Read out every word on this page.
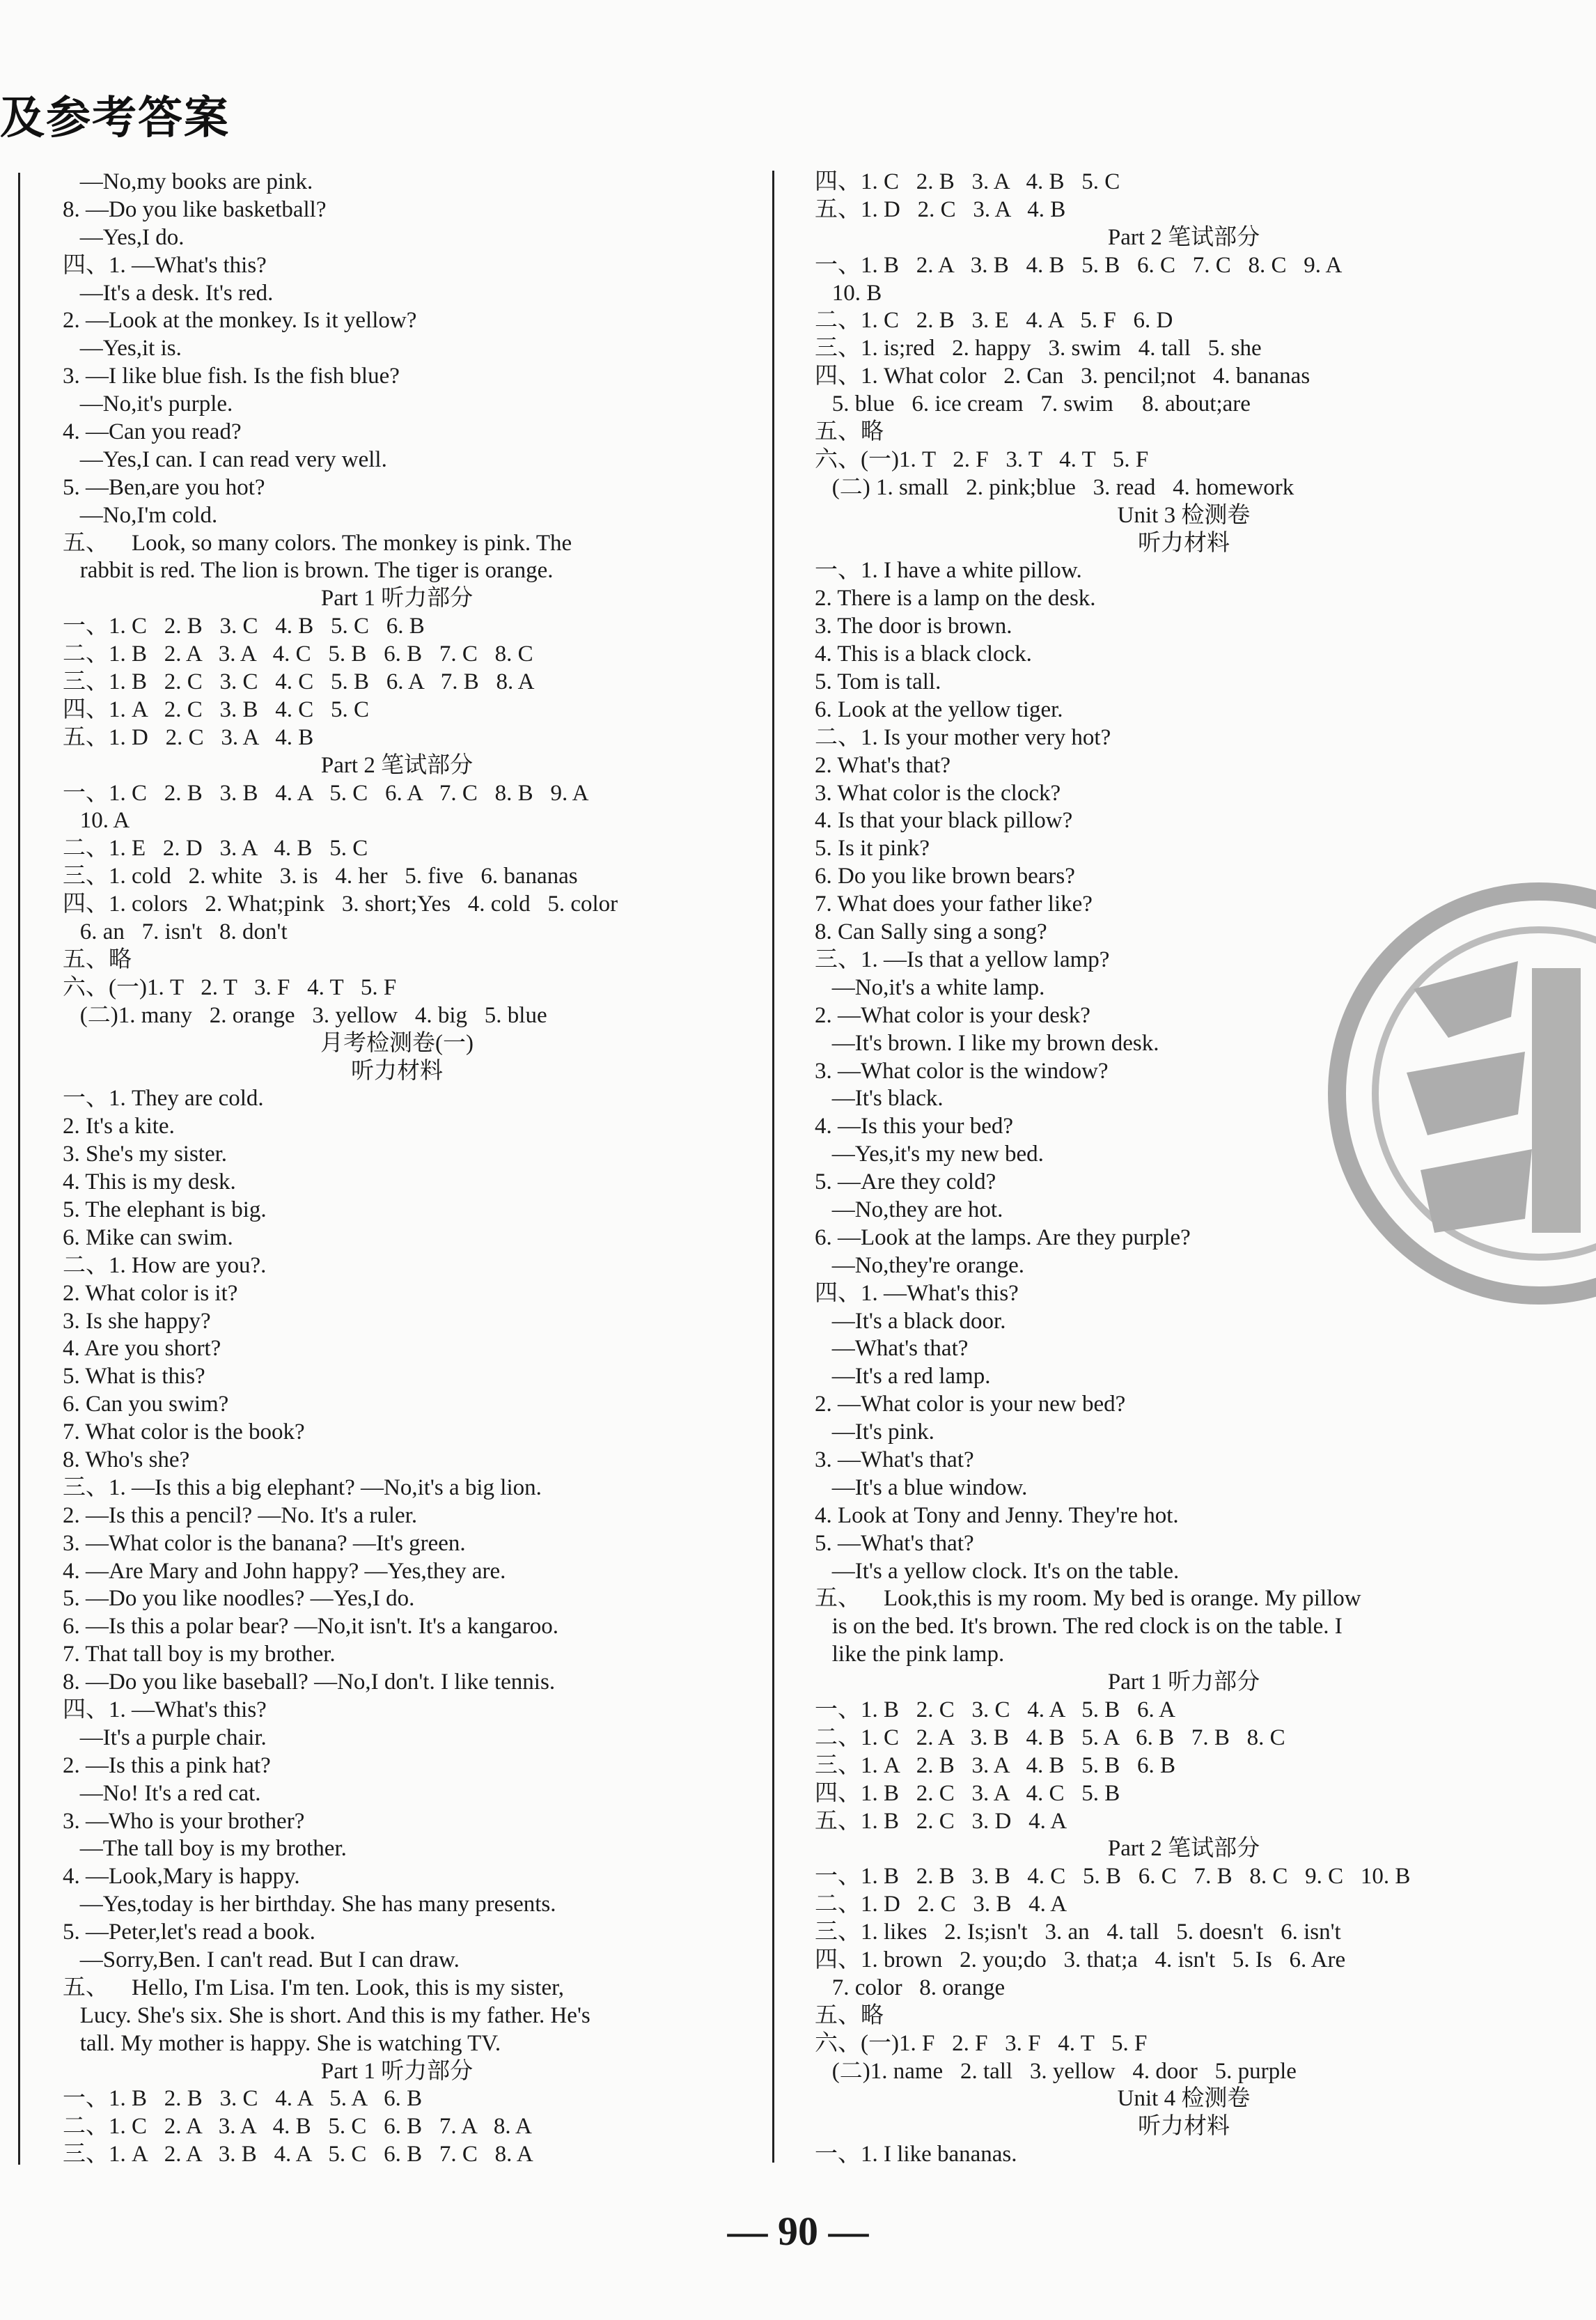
及参考答案
—No,my books are pink.
8. —Do you like basketball?
—Yes,I do.
四、1. —What's this?
—It's a desk. It's red.
2. —Look at the monkey. Is it yellow?
—Yes,it is.
3. —I like blue fish. Is the fish blue?
—No,it's purple.
4. —Can you read?
—Yes,I can. I can read very well.
5. —Ben,are you hot?
—No,I'm cold.
五、    Look, so many colors. The monkey is pink. The
rabbit is red. The lion is brown. The tiger is orange.
Part 1 听力部分
一、1. C   2. B   3. C   4. B   5. C   6. B
二、1. B   2. A   3. A   4. C   5. B   6. B   7. C   8. C
三、1. B   2. C   3. C   4. C   5. B   6. A   7. B   8. A
四、1. A   2. C   3. B   4. C   5. C
五、1. D   2. C   3. A   4. B
Part 2 笔试部分
一、1. C   2. B   3. B   4. A   5. C   6. A   7. C   8. B   9. A
10. A
二、1. E   2. D   3. A   4. B   5. C
三、1. cold   2. white   3. is   4. her   5. five   6. bananas
四、1. colors   2. What;pink   3. short;Yes   4. cold   5. color
6. an   7. isn't   8. don't
五、略
六、(一)1. T   2. T   3. F   4. T   5. F
(二)1. many   2. orange   3. yellow   4. big   5. blue
月考检测卷(一)
听力材料
一、1. They are cold.
2. It's a kite.
3. She's my sister.
4. This is my desk.
5. The elephant is big.
6. Mike can swim.
二、1. How are you?.
2. What color is it?
3. Is she happy?
4. Are you short?
5. What is this?
6. Can you swim?
7. What color is the book?
8. Who's she?
三、1. —Is this a big elephant? —No,it's a big lion.
2. —Is this a pencil? —No. It's a ruler.
3. —What color is the banana? —It's green.
4. —Are Mary and John happy? —Yes,they are.
5. —Do you like noodles? —Yes,I do.
6. —Is this a polar bear? —No,it isn't. It's a kangaroo.
7. That tall boy is my brother.
8. —Do you like baseball? —No,I don't. I like tennis.
四、1. —What's this?
—It's a purple chair.
2. —Is this a pink hat?
—No! It's a red cat.
3. —Who is your brother?
—The tall boy is my brother.
4. —Look,Mary is happy.
—Yes,today is her birthday. She has many presents.
5. —Peter,let's read a book.
—Sorry,Ben. I can't read. But I can draw.
五、    Hello, I'm Lisa. I'm ten. Look, this is my sister,
Lucy. She's six. She is short. And this is my father. He's
tall. My mother is happy. She is watching TV.
Part 1 听力部分
一、1. B   2. B   3. C   4. A   5. A   6. B
二、1. C   2. A   3. A   4. B   5. C   6. B   7. A   8. A
三、1. A   2. A   3. B   4. A   5. C   6. B   7. C   8. A
四、1. C   2. B   3. A   4. B   5. C
五、1. D   2. C   3. A   4. B
Part 2 笔试部分
一、1. B   2. A   3. B   4. B   5. B   6. C   7. C   8. C   9. A
10. B
二、1. C   2. B   3. E   4. A   5. F   6. D
三、1. is;red   2. happy   3. swim   4. tall   5. she
四、1. What color   2. Can   3. pencil;not   4. bananas
5. blue   6. ice cream   7. swim     8. about;are
五、略
六、(一)1. T   2. F   3. T   4. T   5. F
(二) 1. small   2. pink;blue   3. read   4. homework
Unit 3 检测卷
听力材料
一、1. I have a white pillow.
2. There is a lamp on the desk.
3. The door is brown.
4. This is a black clock.
5. Tom is tall.
6. Look at the yellow tiger.
二、1. Is your mother very hot?
2. What's that?
3. What color is the clock?
4. Is that your black pillow?
5. Is it pink?
6. Do you like brown bears?
7. What does your father like?
8. Can Sally sing a song?
三、1. —Is that a yellow lamp?
—No,it's a white lamp.
2. —What color is your desk?
—It's brown. I like my brown desk.
3. —What color is the window?
—It's black.
4. —Is this your bed?
—Yes,it's my new bed.
5. —Are they cold?
—No,they are hot.
6. —Look at the lamps. Are they purple?
—No,they're orange.
四、1. —What's this?
—It's a black door.
—What's that?
—It's a red lamp.
2. —What color is your new bed?
—It's pink.
3. —What's that?
—It's a blue window.
4. Look at Tony and Jenny. They're hot.
5. —What's that?
—It's a yellow clock. It's on the table.
五、    Look,this is my room. My bed is orange. My pillow
is on the bed. It's brown. The red clock is on the table. I
like the pink lamp.
Part 1 听力部分
一、1. B   2. C   3. C   4. A   5. B   6. A
二、1. C   2. A   3. B   4. B   5. A   6. B   7. B   8. C
三、1. A   2. B   3. A   4. B   5. B   6. B
四、1. B   2. C   3. A   4. C   5. B
五、1. B   2. C   3. D   4. A
Part 2 笔试部分
一、1. B   2. B   3. B   4. C   5. B   6. C   7. B   8. C   9. C   10. B
二、1. D   2. C   3. B   4. A
三、1. likes   2. Is;isn't   3. an   4. tall   5. doesn't   6. isn't
四、1. brown   2. you;do   3. that;a   4. isn't   5. Is   6. Are
7. color   8. orange
五、略
六、(一)1. F   2. F   3. F   4. T   5. F
(二)1. name   2. tall   3. yellow   4. door   5. purple
Unit 4 检测卷
听力材料
一、1. I like bananas.
— 90 —
